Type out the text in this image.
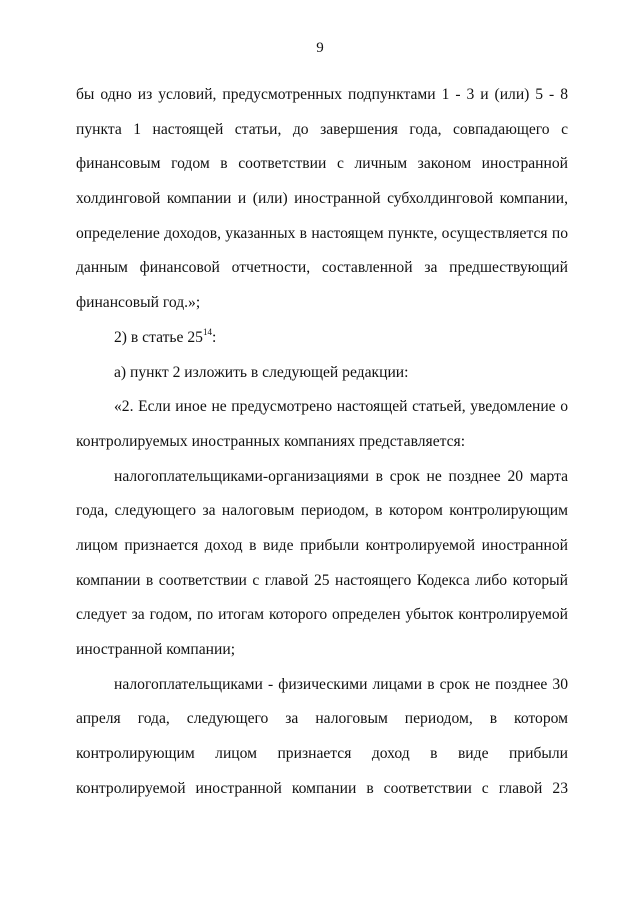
9
бы одно из условий, предусмотренных подпунктами 1 - 3 и (или) 5 - 8
пункта 1 настоящей статьи, до завершения года, совпадающего с
финансовым годом в соответствии с личным законом иностранной
холдинговой компании и (или) иностранной субхолдинговой компании,
определение доходов, указанных в настоящем пункте, осуществляется по
данным финансовой отчетности, составленной за предшествующий
финансовый год.»;
2) в статье $25^{14}$:
а) пункт 2 изложить в следующей редакции:
«2. Если иное не предусмотрено настоящей статьей, уведомление о
контролируемых иностранных компаниях представляется:
налогоплательщиками-организациями в срок не позднее 20 марта
года, следующего за налоговым периодом, в котором контролирующим
лицом признается доход в виде прибыли контролируемой иностранной
компании в соответствии с главой 25 настоящего Кодекса либо который
следует за годом, по итогам которого определен убыток контролируемой
иностранной компании;
налогоплательщиками - физическими лицами в срок не позднее 30
апреля года, следующего за налоговым периодом, в котором
контролирующим лицом признается доход в виде прибыли
контролируемой иностранной компании в соответствии с главой 23
